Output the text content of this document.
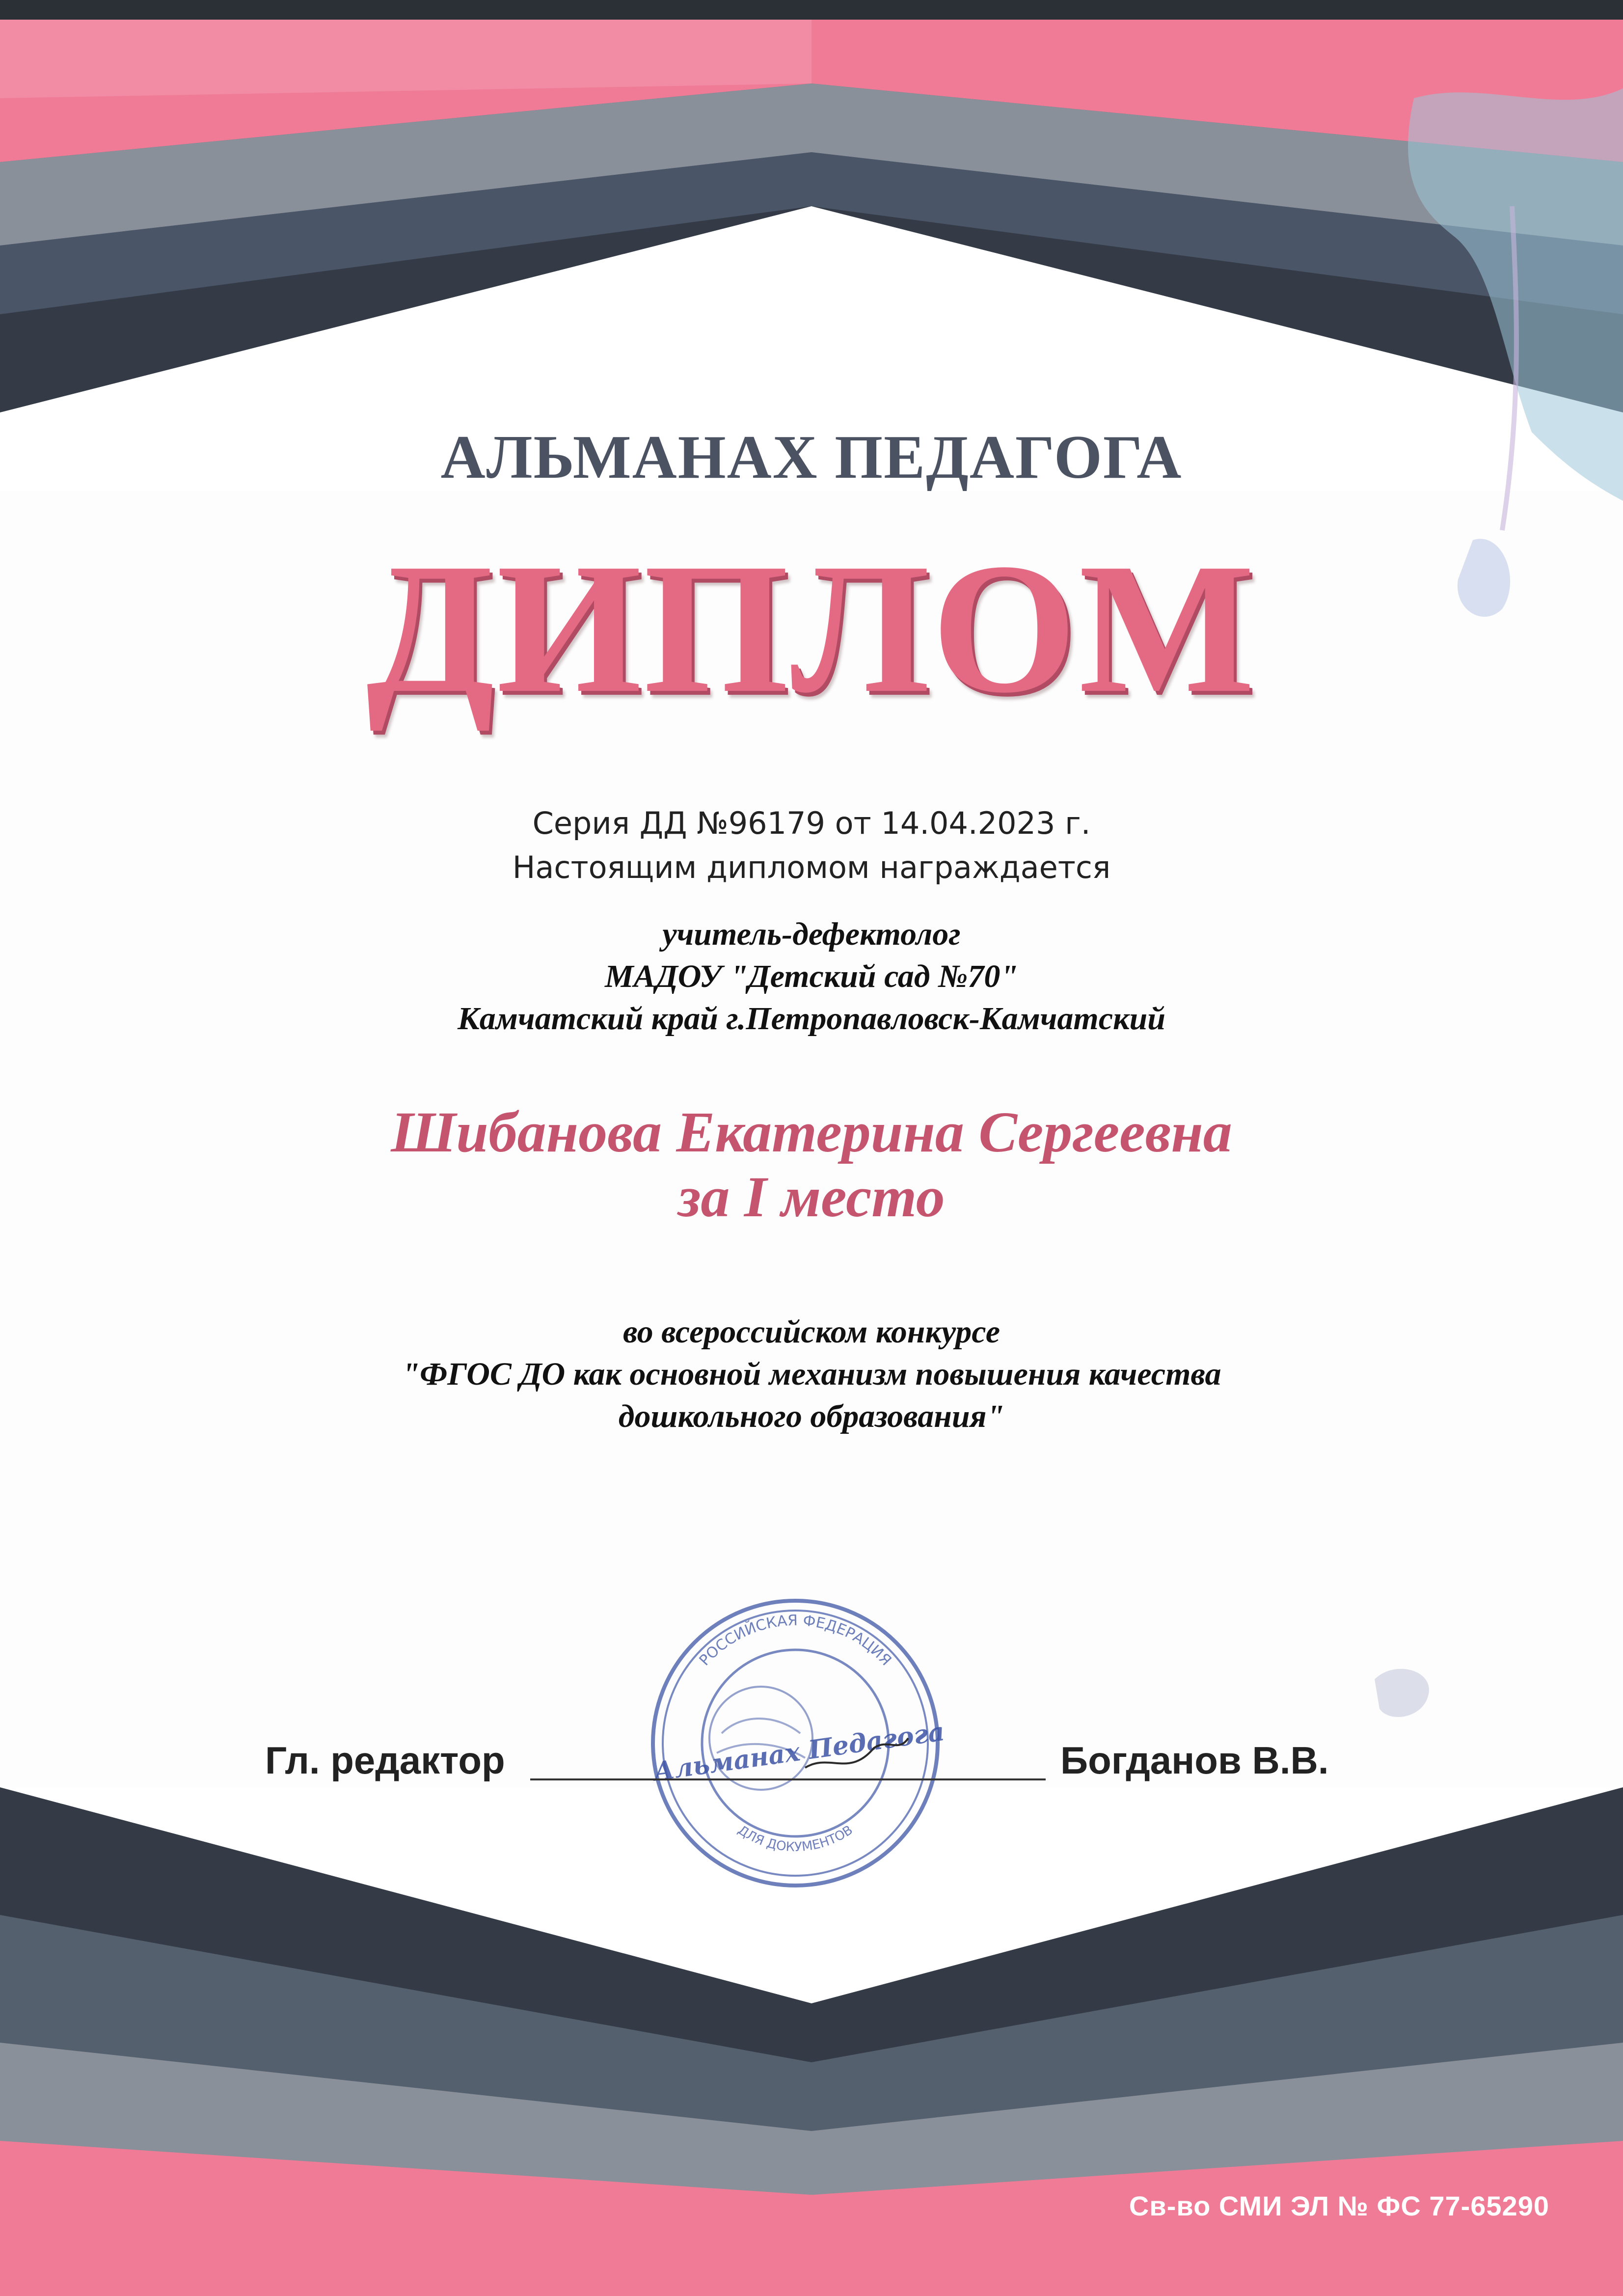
АЛЬМАНАХ ПЕДАГОГА
ДИПЛОМ
Серия ДД №96179 от 14.04.2023 г.
Настоящим дипломом награждается
учитель-дефектолог
МАДОУ "Детский сад №70"
Камчатский край г.Петропавловск-Камчатский
Шибанова Екатерина Сергеевна
за I место
во всероссийском конкурсе
"ФГОС ДО как основной механизм повышения качества
дошкольного образования"
РОССИЙСКАЯ ФЕДЕРАЦИЯ
ДЛЯ ДОКУМЕНТОВ
Альманах Педагога
Гл. редактор	Богданов В.В.
Св-во СМИ ЭЛ № ФС 77-65290
